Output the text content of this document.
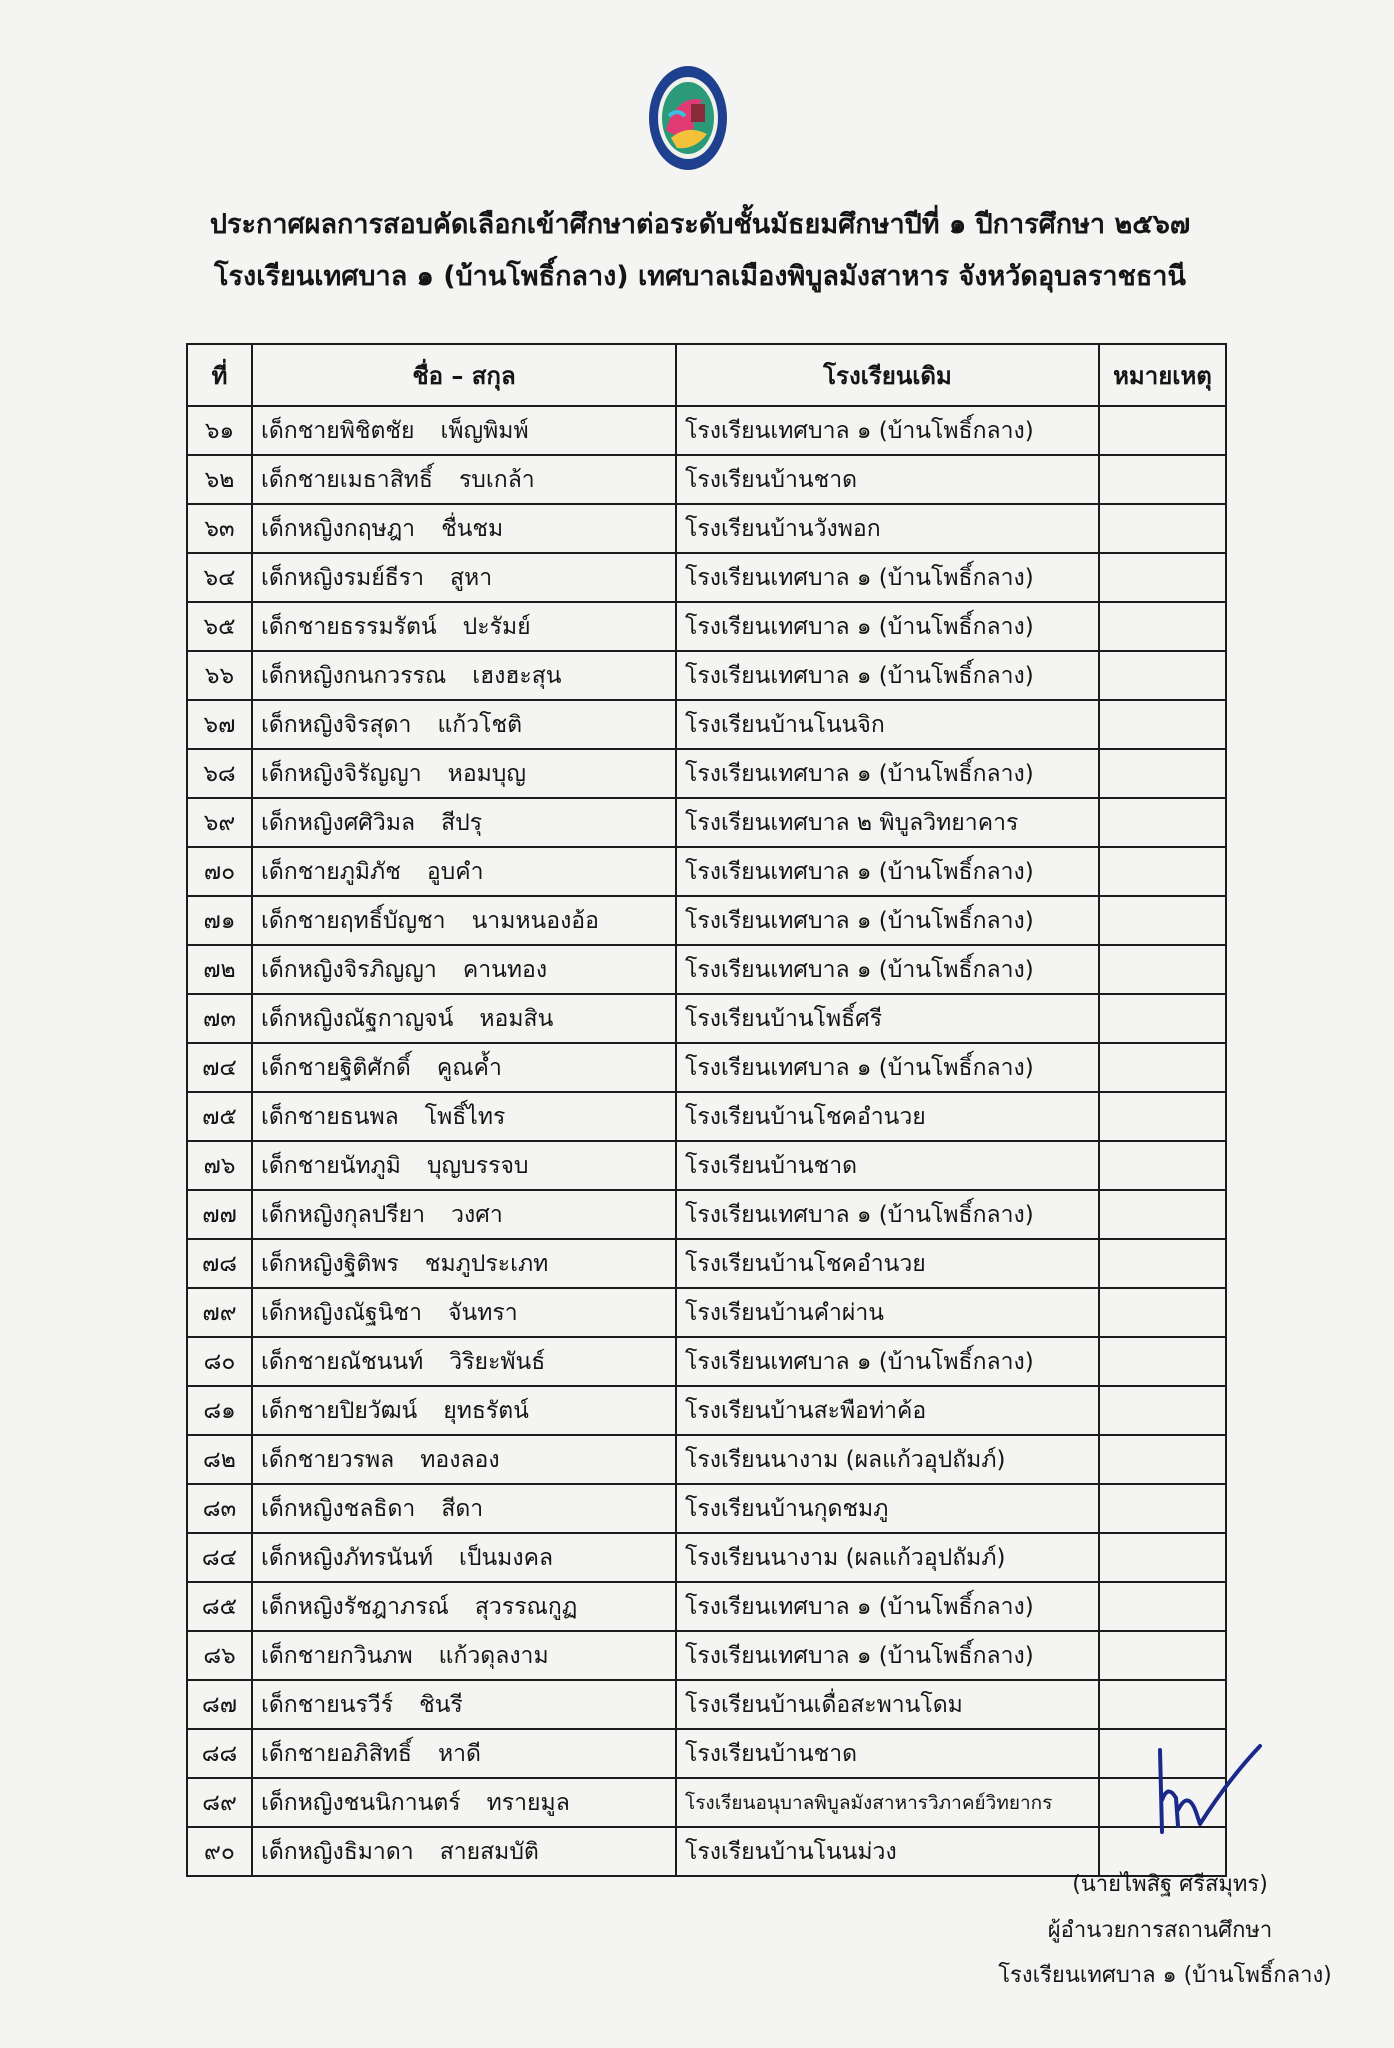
ประกาศผลการสอบคัดเลือกเข้าศึกษาต่อระดับชั้นมัธยมศึกษาปีที่ ๑ ปีการศึกษา ๒๕๖๗

โรงเรียนเทศบาล ๑ (บ้านโพธิ์กลาง) เทศบาลเมืองพิบูลมังสาหาร จังหวัดอุบลราชธานี

ที่	ชื่อ – สกุล	โรงเรียนเดิม	หมายเหตุ
๖๑	เด็กชายพิชิตชัย เพ็ญพิมพ์	โรงเรียนเทศบาล ๑ (บ้านโพธิ์กลาง)	
๖๒	เด็กชายเมธาสิทธิ์ รบเกล้า	โรงเรียนบ้านชาด	
๖๓	เด็กหญิงกฤษฎา ชื่นชม	โรงเรียนบ้านวังพอก	
๖๔	เด็กหญิงรมย์ธีรา สูหา	โรงเรียนเทศบาล ๑ (บ้านโพธิ์กลาง)	
๖๕	เด็กชายธรรมรัตน์ ปะรัมย์	โรงเรียนเทศบาล ๑ (บ้านโพธิ์กลาง)	
๖๖	เด็กหญิงกนกวรรณ เฮงฮะสุน	โรงเรียนเทศบาล ๑ (บ้านโพธิ์กลาง)	
๖๗	เด็กหญิงจิรสุดา แก้วโชติ	โรงเรียนบ้านโนนจิก	
๖๘	เด็กหญิงจิรัญญา หอมบุญ	โรงเรียนเทศบาล ๑ (บ้านโพธิ์กลาง)	
๖๙	เด็กหญิงศศิวิมล สีปรุ	โรงเรียนเทศบาล ๒ พิบูลวิทยาคาร	
๗๐	เด็กชายภูมิภัช อูบคำ	โรงเรียนเทศบาล ๑ (บ้านโพธิ์กลาง)	
๗๑	เด็กชายฤทธิ์บัญชา นามหนองอ้อ	โรงเรียนเทศบาล ๑ (บ้านโพธิ์กลาง)	
๗๒	เด็กหญิงจิรภิญญา คานทอง	โรงเรียนเทศบาล ๑ (บ้านโพธิ์กลาง)	
๗๓	เด็กหญิงณัฐกาญจน์ หอมสิน	โรงเรียนบ้านโพธิ์ศรี	
๗๔	เด็กชายฐิติศักดิ์ คูณค้ำ	โรงเรียนเทศบาล ๑ (บ้านโพธิ์กลาง)	
๗๕	เด็กชายธนพล โพธิ์ไทร	โรงเรียนบ้านโชคอำนวย	
๗๖	เด็กชายนัทภูมิ บุญบรรจบ	โรงเรียนบ้านชาด	
๗๗	เด็กหญิงกุลปรียา วงศา	โรงเรียนเทศบาล ๑ (บ้านโพธิ์กลาง)	
๗๘	เด็กหญิงฐิติพร ชมภูประเภท	โรงเรียนบ้านโชคอำนวย	
๗๙	เด็กหญิงณัฐนิชา จันทรา	โรงเรียนบ้านคำผ่าน	
๘๐	เด็กชายณัชนนท์ วิริยะพันธ์	โรงเรียนเทศบาล ๑ (บ้านโพธิ์กลาง)	
๘๑	เด็กชายปิยวัฒน์ ยุทธรัตน์	โรงเรียนบ้านสะพือท่าค้อ	
๘๒	เด็กชายวรพล ทองลอง	โรงเรียนนางาม (ผลแก้วอุปถัมภ์)	
๘๓	เด็กหญิงชลธิดา สีดา	โรงเรียนบ้านกุดชมภู	
๘๔	เด็กหญิงภัทรนันท์ เป็นมงคล	โรงเรียนนางาม (ผลแก้วอุปถัมภ์)	
๘๕	เด็กหญิงรัชฎาภรณ์ สุวรรณกูฏ	โรงเรียนเทศบาล ๑ (บ้านโพธิ์กลาง)	
๘๖	เด็กชายกวินภพ แก้วดุลงาม	โรงเรียนเทศบาล ๑ (บ้านโพธิ์กลาง)	
๘๗	เด็กชายนรวีร์ ชินรี	โรงเรียนบ้านเดื่อสะพานโดม	
๘๘	เด็กชายอภิสิทธิ์ หาดี	โรงเรียนบ้านชาด	
๘๙	เด็กหญิงชนนิกานตร์ ทรายมูล	โรงเรียนอนุบาลพิบูลมังสาหารวิภาคย์วิทยากร	
๙๐	เด็กหญิงธิมาดา สายสมบัติ	โรงเรียนบ้านโนนม่วง	
(นายไพสิฐ ศรีสมุทร)
ผู้อำนวยการสถานศึกษา
โรงเรียนเทศบาล ๑ (บ้านโพธิ์กลาง)
